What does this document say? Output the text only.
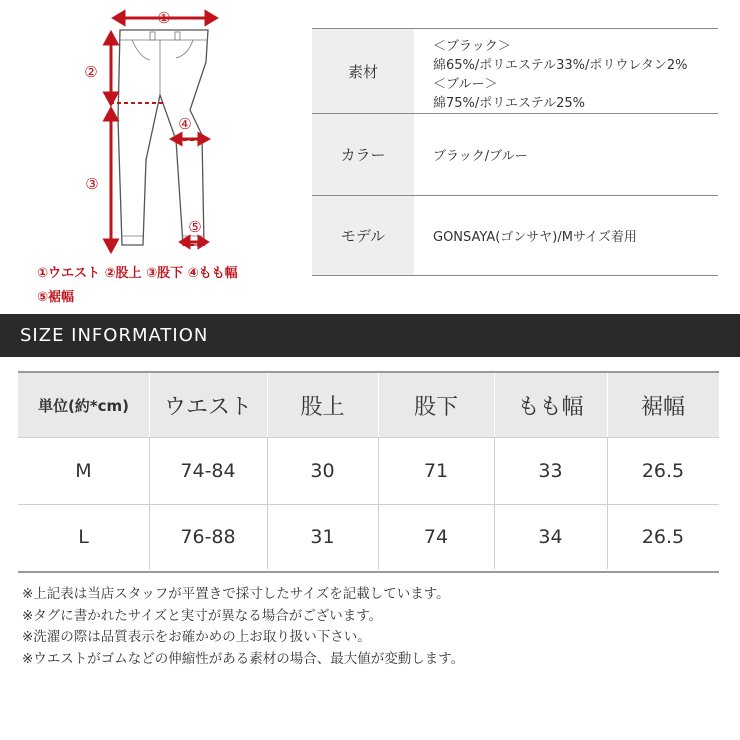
①
②
③
④
⑤
①ウエスト ②股上 ③股下 ④もも幅
⑤裾幅
素材
＜ブラック＞
綿65%/ポリエステル33%/ポリウレタン2%
＜ブルー＞
綿75%/ポリエステル25%
カラー	ブラック/ブルー
モデル	GONSAYA(ゴンサヤ)/Mサイズ着用
SIZE INFORMATION
単位(約*cm)	ウエスト	股上	股下	もも幅	裾幅
M	74-84	30	71	33	26.5
L	76-88	31	74	34	26.5
※上記表は当店スタッフが平置きで採寸したサイズを記載しています。
※タグに書かれたサイズと実寸が異なる場合がございます。
※洗濯の際は品質表示をお確かめの上お取り扱い下さい。
※ウエストがゴムなどの伸縮性がある素材の場合、最大値が変動します。
